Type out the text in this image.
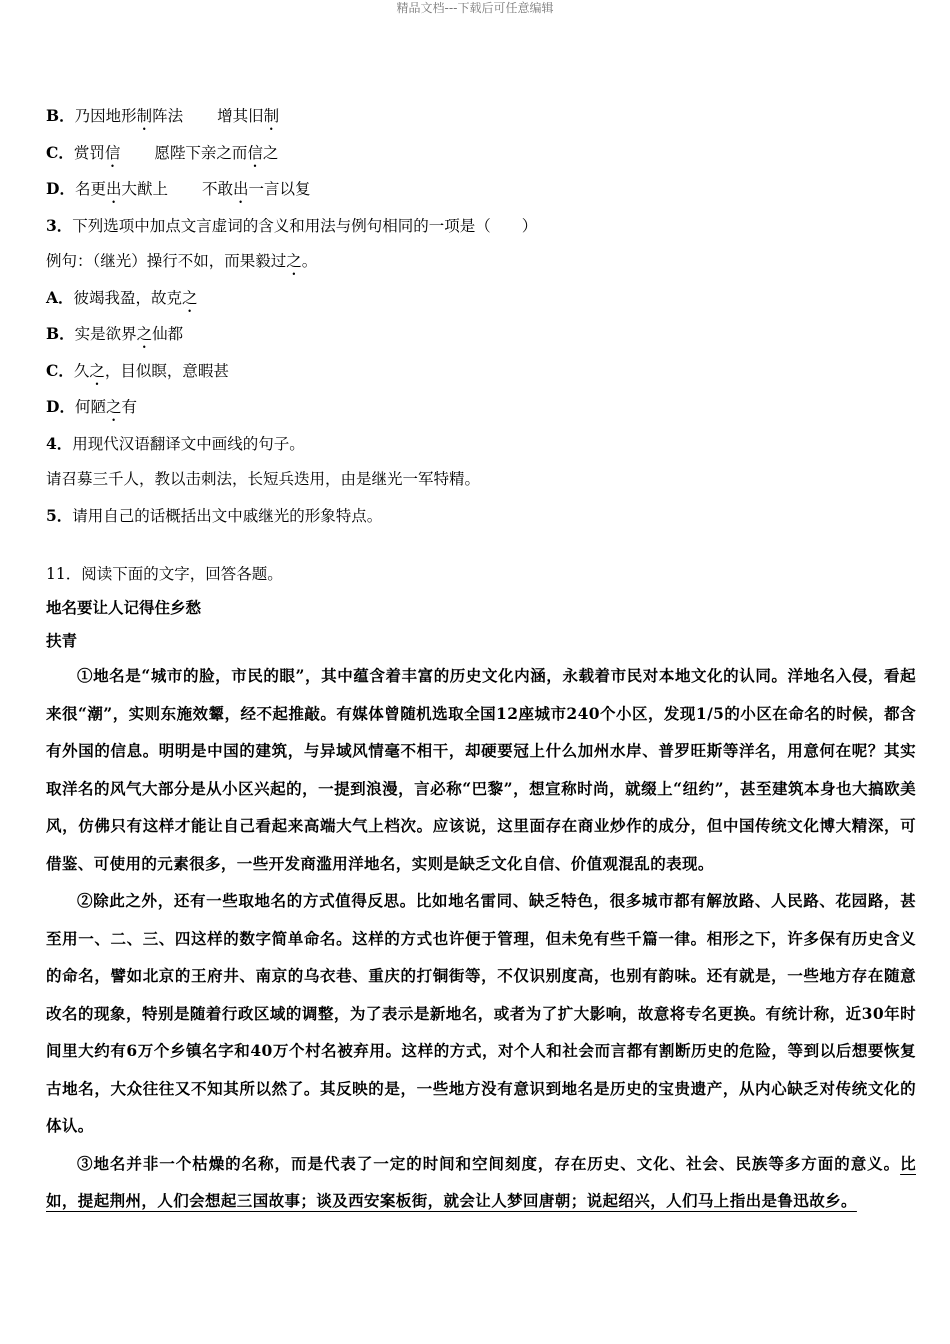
精品文档---下载后可任意编辑
B．乃因地形制阵法 增其旧制
C．赏罚信 愿陛下亲之而信之
D．名更出大猷上 不敢出一言以复
3．下列选项中加点文言虚词的含义和用法与例句相同的一项是（　　）
例句：（继光）操行不如，而果毅过之。
A．彼竭我盈，故克之
B．实是欲界之仙都
C．久之，目似瞑，意暇甚
D．何陋之有
4．用现代汉语翻译文中画线的句子。
请召募三千人，教以击刺法，长短兵迭用，由是继光一军特精。
5．请用自己的话概括出文中戚继光的形象特点。
11．阅读下面的文字，回答各题。
地名要让人记得住乡愁
扶青

①地名是“城市的脸，市民的眼”，其中蕴含着丰富的历史文化内涵，永载着市民对本地文化的认同。洋地名入侵，看起来很“潮”，实则东施效颦，经不起推敲。有媒体曾随机选取全国12座城市240个小区，发现1/5的小区在命名的时候，都含有外国的信息。明明是中国的建筑，与异域风情毫不相干，却硬要冠上什么加州水岸、普罗旺斯等洋名，用意何在呢？其实取洋名的风气大部分是从小区兴起的，一提到浪漫，言必称“巴黎”，想宣称时尚，就缀上“纽约”，甚至建筑本身也大搞欧美风，仿佛只有这样才能让自己看起来高端大气上档次。应该说，这里面存在商业炒作的成分，但中国传统文化博大精深，可借鉴、可使用的元素很多，一些开发商滥用洋地名，实则是缺乏文化自信、价值观混乱的表现。

②除此之外，还有一些取地名的方式值得反思。比如地名雷同、缺乏特色，很多城市都有解放路、人民路、花园路，甚至用一、二、三、四这样的数字简单命名。这样的方式也许便于管理，但未免有些千篇一律。相形之下，许多保有历史含义的命名，譬如北京的王府井、南京的乌衣巷、重庆的打铜街等，不仅识别度高，也别有韵味。还有就是，一些地方存在随意改名的现象，特别是随着行政区域的调整，为了表示是新地名，或者为了扩大影响，故意将专名更换。有统计称，近30年时间里大约有6万个乡镇名字和40万个村名被弃用。这样的方式，对个人和社会而言都有割断历史的危险，等到以后想要恢复古地名，大众往往又不知其所以然了。其反映的是，一些地方没有意识到地名是历史的宝贵遗产，从内心缺乏对传统文化的体认。

③地名并非一个枯燥的名称，而是代表了一定的时间和空间刻度，存在历史、文化、社会、民族等多方面的意义。比如，提起荆州，人们会想起三国故事；谈及西安案板街，就会让人梦回唐朝；说起绍兴，人们马上指出是鲁迅故乡。
